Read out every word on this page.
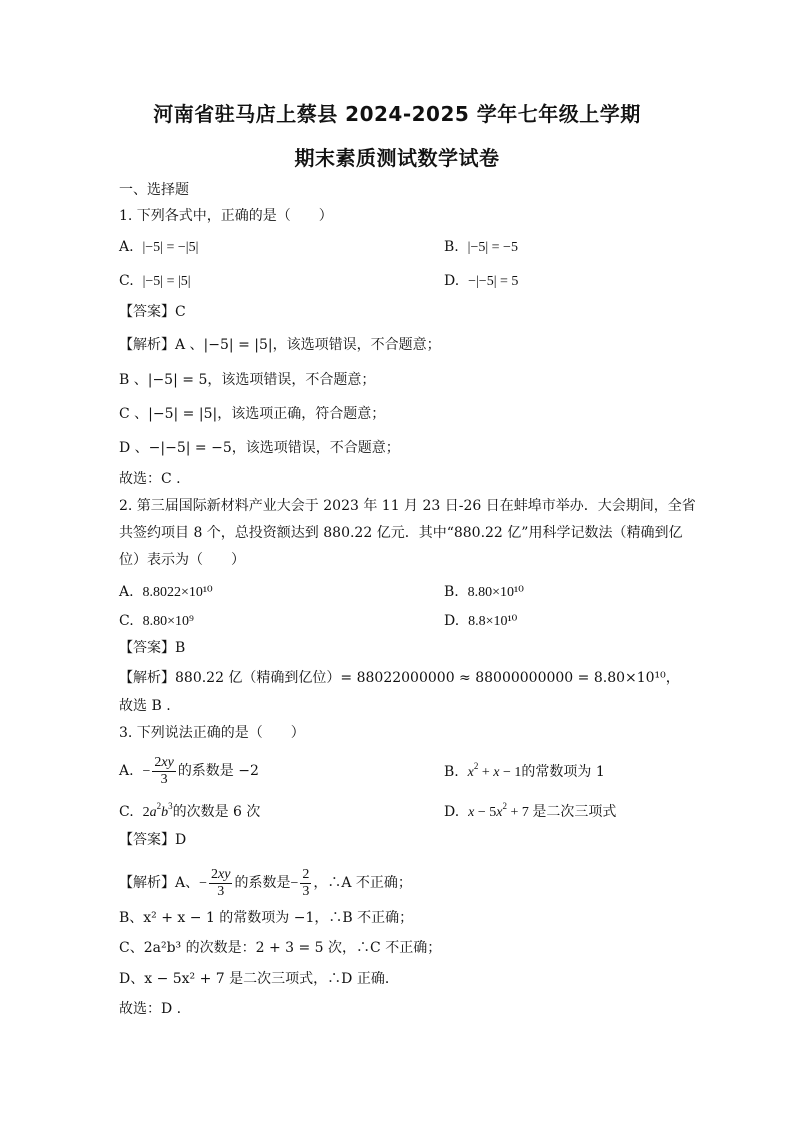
河南省驻马店上蔡县 2024-2025 学年七年级上学期
期末素质测试数学试卷
一、选择题
1. 下列各式中，正确的是（　　）
A. |−5| = −|5|	B. |−5| = −5
C. |−5| = |5|	D. −|−5| = 5
【答案】C
【解析】A 、|−5| = |5|，该选项错误，不合题意；
B 、|−5| = 5，该选项错误，不合题意；
C 、|−5| = |5|，该选项正确，符合题意；
D 、−|−5| = −5，该选项错误，不合题意；
故选：C .
2. 第三届国际新材料产业大会于 2023 年 11 月 23 日-26 日在蚌埠市举办．大会期间，全省
共签约项目 8 个，总投资额达到 880.22 亿元．其中“880.22 亿”用科学记数法（精确到亿
位）表示为（　　）
A. 8.8022×10¹⁰	B. 8.80×10¹⁰
C. 8.80×10⁹	D. 8.8×10¹⁰
【答案】B
【解析】880.22 亿（精确到亿位）= 88022000000 ≈ 88000000000 = 8.80×10¹⁰，
故选 B .
3. 下列说法正确的是（　　）
A. − $\frac{2xy}{3}$ 的系数是 −2	B. $x^2 + x - 1$的常数项为 1
C. $2a^2b^3$的次数是 6 次	D. $x - 5x^2 + 7$ 是二次三项式
【答案】D
【解析】A、− $\frac{2xy}{3}$ 的系数是− $\frac{2}{3}$ ，∴A 不正确；
B、x² + x − 1 的常数项为 −1，∴B 不正确；
C、2a²b³ 的次数是：2 + 3 = 5 次，∴C 不正确；
D、x − 5x² + 7 是二次三项式，∴D 正确．
故选：D .
